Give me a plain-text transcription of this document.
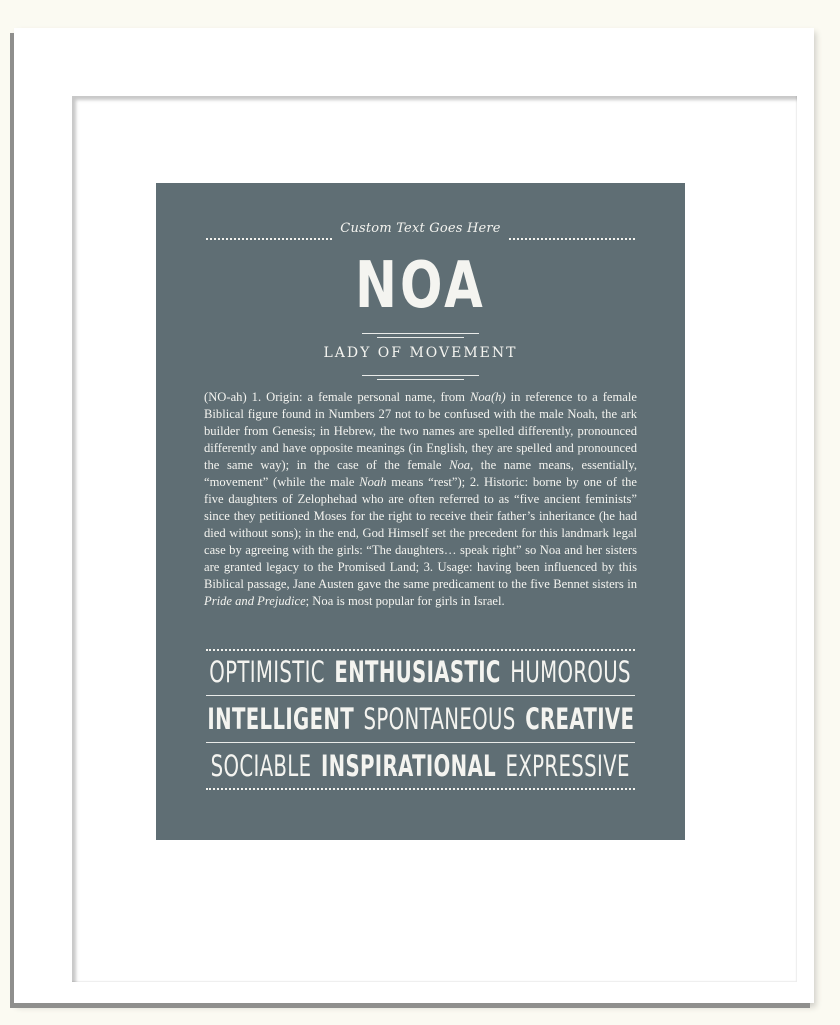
Custom Text Goes Here
NOA
LADY OF MOVEMENT
(NO-ah) 1. Origin: a female personal name, from Noa(h) in reference to a female Biblical figure found in Numbers 27 not to be confused with the male Noah, the ark builder from Genesis; in Hebrew, the two names are spelled differently, pronounced differently and have opposite meanings (in English, they are spelled and pronounced the same way); in the case of the female Noa, the name means, essentially, “movement” (while the male Noah means “rest”); 2. Historic: borne by one of the five daughters of Zelophehad who are often referred to as “five ancient feminists” since they petitioned Moses for the right to receive their father’s inheritance (he had died without sons); in the end, God Himself set the precedent for this landmark legal case by agreeing with the girls: “The daughters… speak right” so Noa and her sisters are granted legacy to the Promised Land; 3. Usage: having been influenced by this Biblical passage, Jane Austen gave the same predicament to the five Bennet sisters in Pride and Prejudice; Noa is most popular for girls in Israel.
OPTIMISTIC ENTHUSIASTIC HUMOROUS
INTELLIGENT SPONTANEOUS CREATIVE
SOCIABLE INSPIRATIONAL EXPRESSIVE
